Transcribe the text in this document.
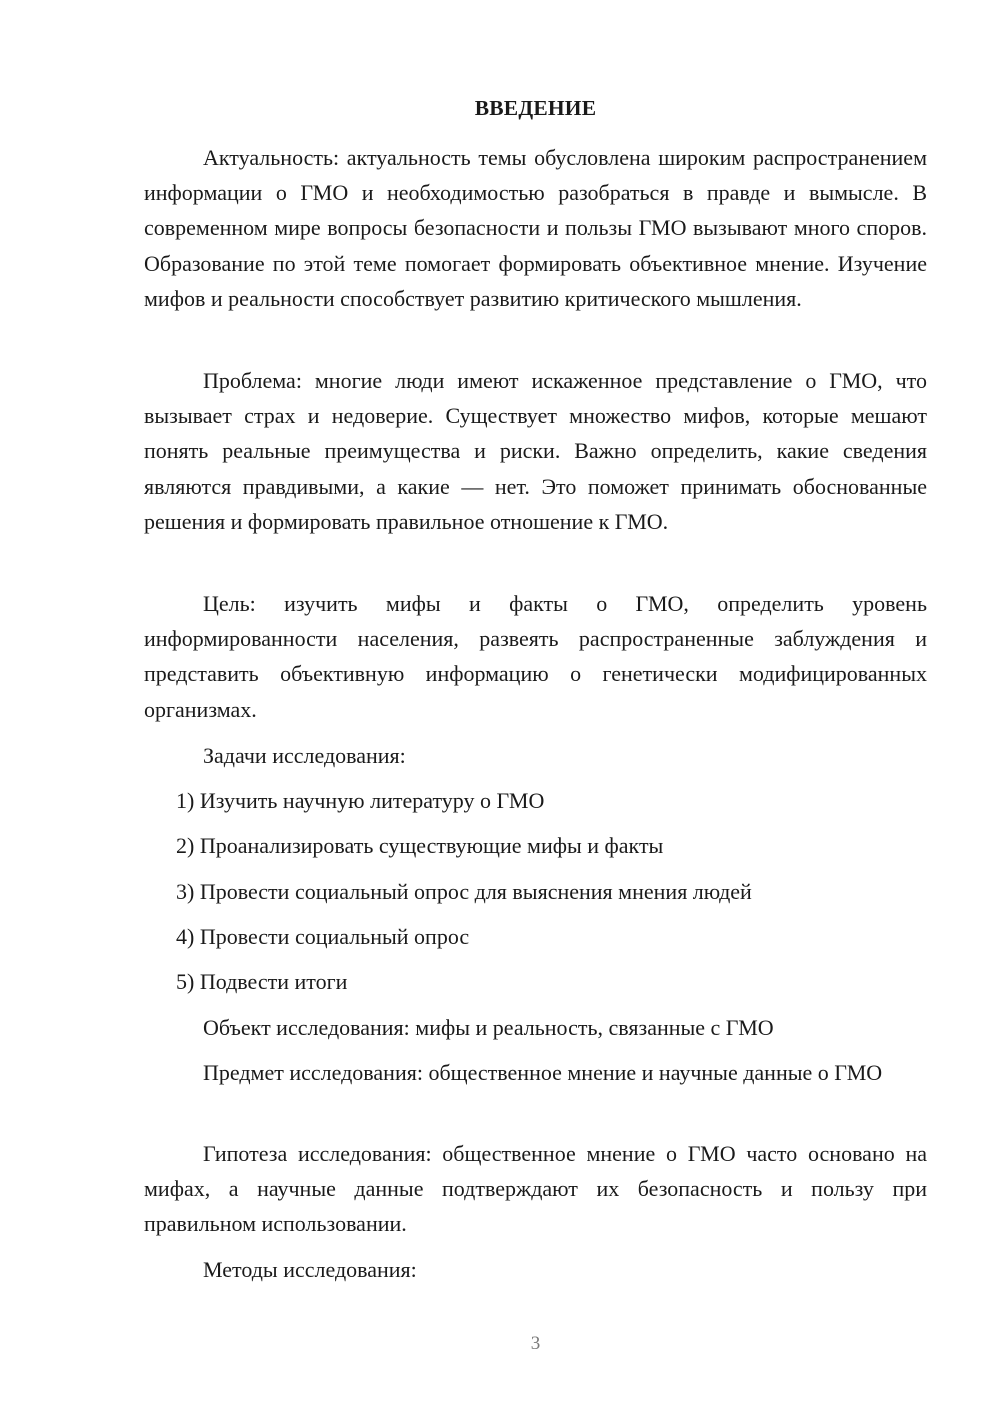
ВВЕДЕНИЕ

Актуальность: актуальность темы обусловлена широким распространением информации о ГМО и необходимостью разобраться в правде и вымысле. В современном мире вопросы безопасности и пользы ГМО вызывают много споров. Образование по этой теме помогает формировать объективное мнение. Изучение мифов и реальности способствует развитию критического мышления.

Проблема: многие люди имеют искаженное представление о ГМО, что вызывает страх и недоверие. Существует множество мифов, которые мешают понять реальные преимущества и риски. Важно определить, какие сведения являются правдивыми, а какие — нет. Это поможет принимать обоснованные решения и формировать правильное отношение к ГМО.

Цель: изучить мифы и факты о ГМО, определить уровень информированности населения, развеять распространенные заблуждения и представить объективную информацию о генетически модифицированных организмах.

Задачи исследования:

1) Изучить научную литературу о ГМО
2) Проанализировать существующие мифы и факты
3) Провести социальный опрос для выяснения мнения людей
4) Провести социальный опрос
5) Подвести итоги

Объект исследования: мифы и реальность, связанные с ГМО

Предмет исследования: общественное мнение и научные данные о ГМО

Гипотеза исследования: общественное мнение о ГМО часто основано на мифах, а научные данные подтверждают их безопасность и пользу при правильном использовании.

Методы исследования:

3
